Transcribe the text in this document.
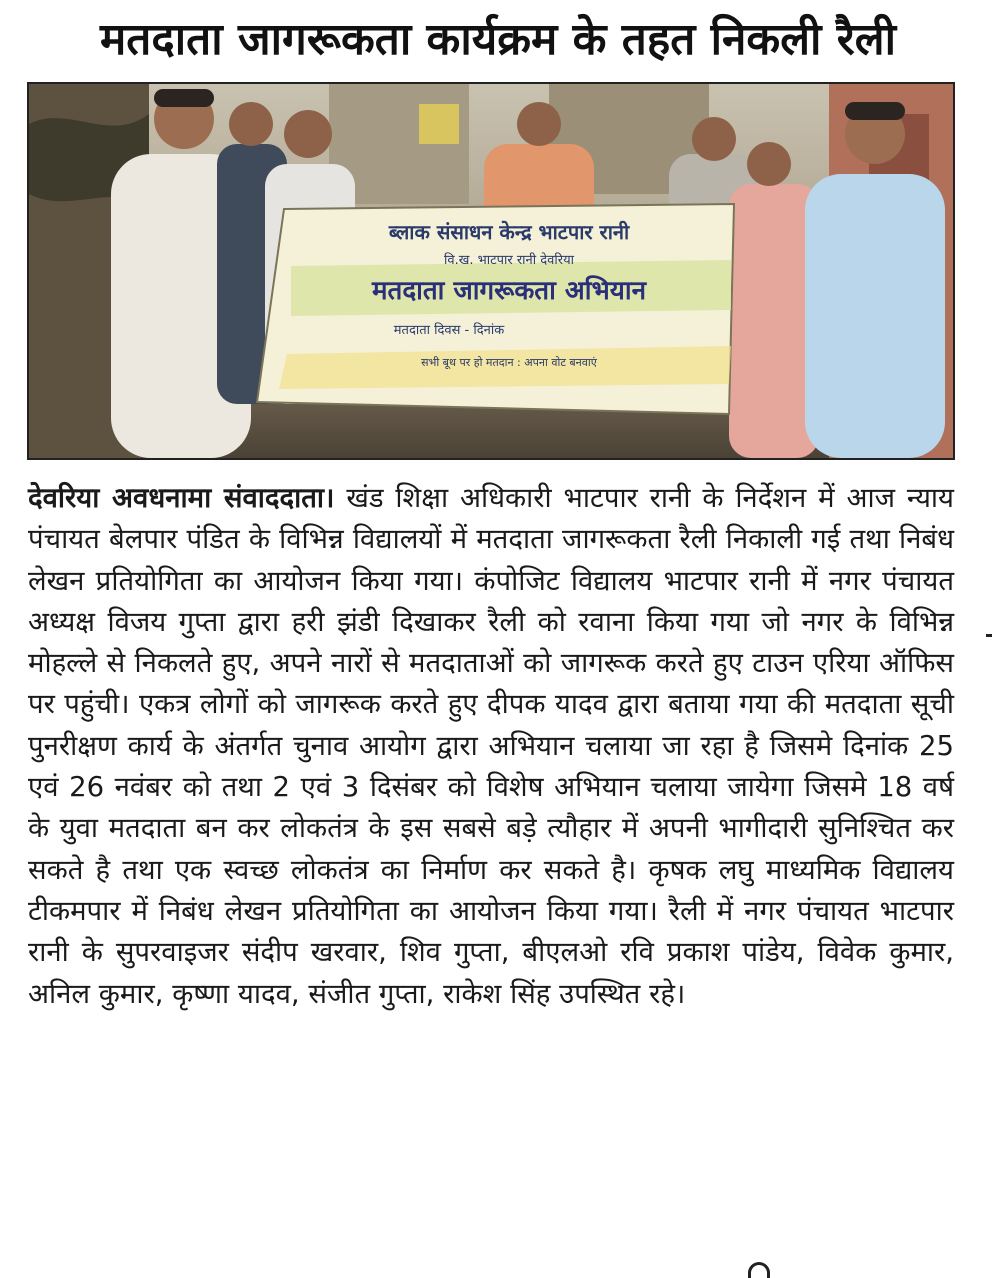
मतदाता जागरूकता कार्यक्रम के तहत निकली रैली
ब्लाक संसाधन केन्द्र भाटपार रानी
वि.ख. भाटपार रानी देवरिया
मतदाता जागरूकता अभियान
मतदाता दिवस - दिनांक
सभी बूथ पर हो मतदान : अपना वोट बनवाएं
देवरिया अवधनामा संवाददाता। खंड शिक्षा अधिकारी भाटपार रानी के निर्देशन में आज न्याय पंचायत बेलपार पंडित के विभिन्न विद्यालयों में मतदाता जागरूकता रैली निकाली गई तथा निबंध लेखन प्रतियोगिता का आयोजन किया गया। कंपोजिट विद्यालय भाटपार रानी में नगर पंचायत अध्यक्ष विजय गुप्ता द्वारा हरी झंडी दिखाकर रैली को रवाना किया गया जो नगर के विभिन्न मोहल्ले से निकलते हुए, अपने नारों से मतदाताओं को जागरूक करते हुए टाउन एरिया ऑफिस पर पहुंची। एकत्र लोगों को जागरूक करते हुए दीपक यादव द्वारा बताया गया की मतदाता सूची पुनरीक्षण कार्य के अंतर्गत चुनाव आयोग द्वारा अभियान चलाया जा रहा है जिसमे दिनांक 25 एवं 26 नवंबर को तथा 2 एवं 3 दिसंबर को विशेष अभियान चलाया जायेगा जिसमे 18 वर्ष के युवा मतदाता बन कर लोकतंत्र के इस सबसे बड़े त्यौहार में अपनी भागीदारी सुनिश्चित कर सकते है तथा एक स्वच्छ लोकतंत्र का निर्माण कर सकते है। कृषक लघु माध्यमिक विद्यालय टीकमपार में निबंध लेखन प्रतियोगिता का आयोजन किया गया। रैली में नगर पंचायत भाटपार रानी के सुपरवाइजर संदीप खरवार, शिव गुप्ता, बीएलओ रवि प्रकाश पांडेय, विवेक कुमार, अनिल कुमार, कृष्णा यादव, संजीत गुप्ता, राकेश सिंह उपस्थित रहे।
